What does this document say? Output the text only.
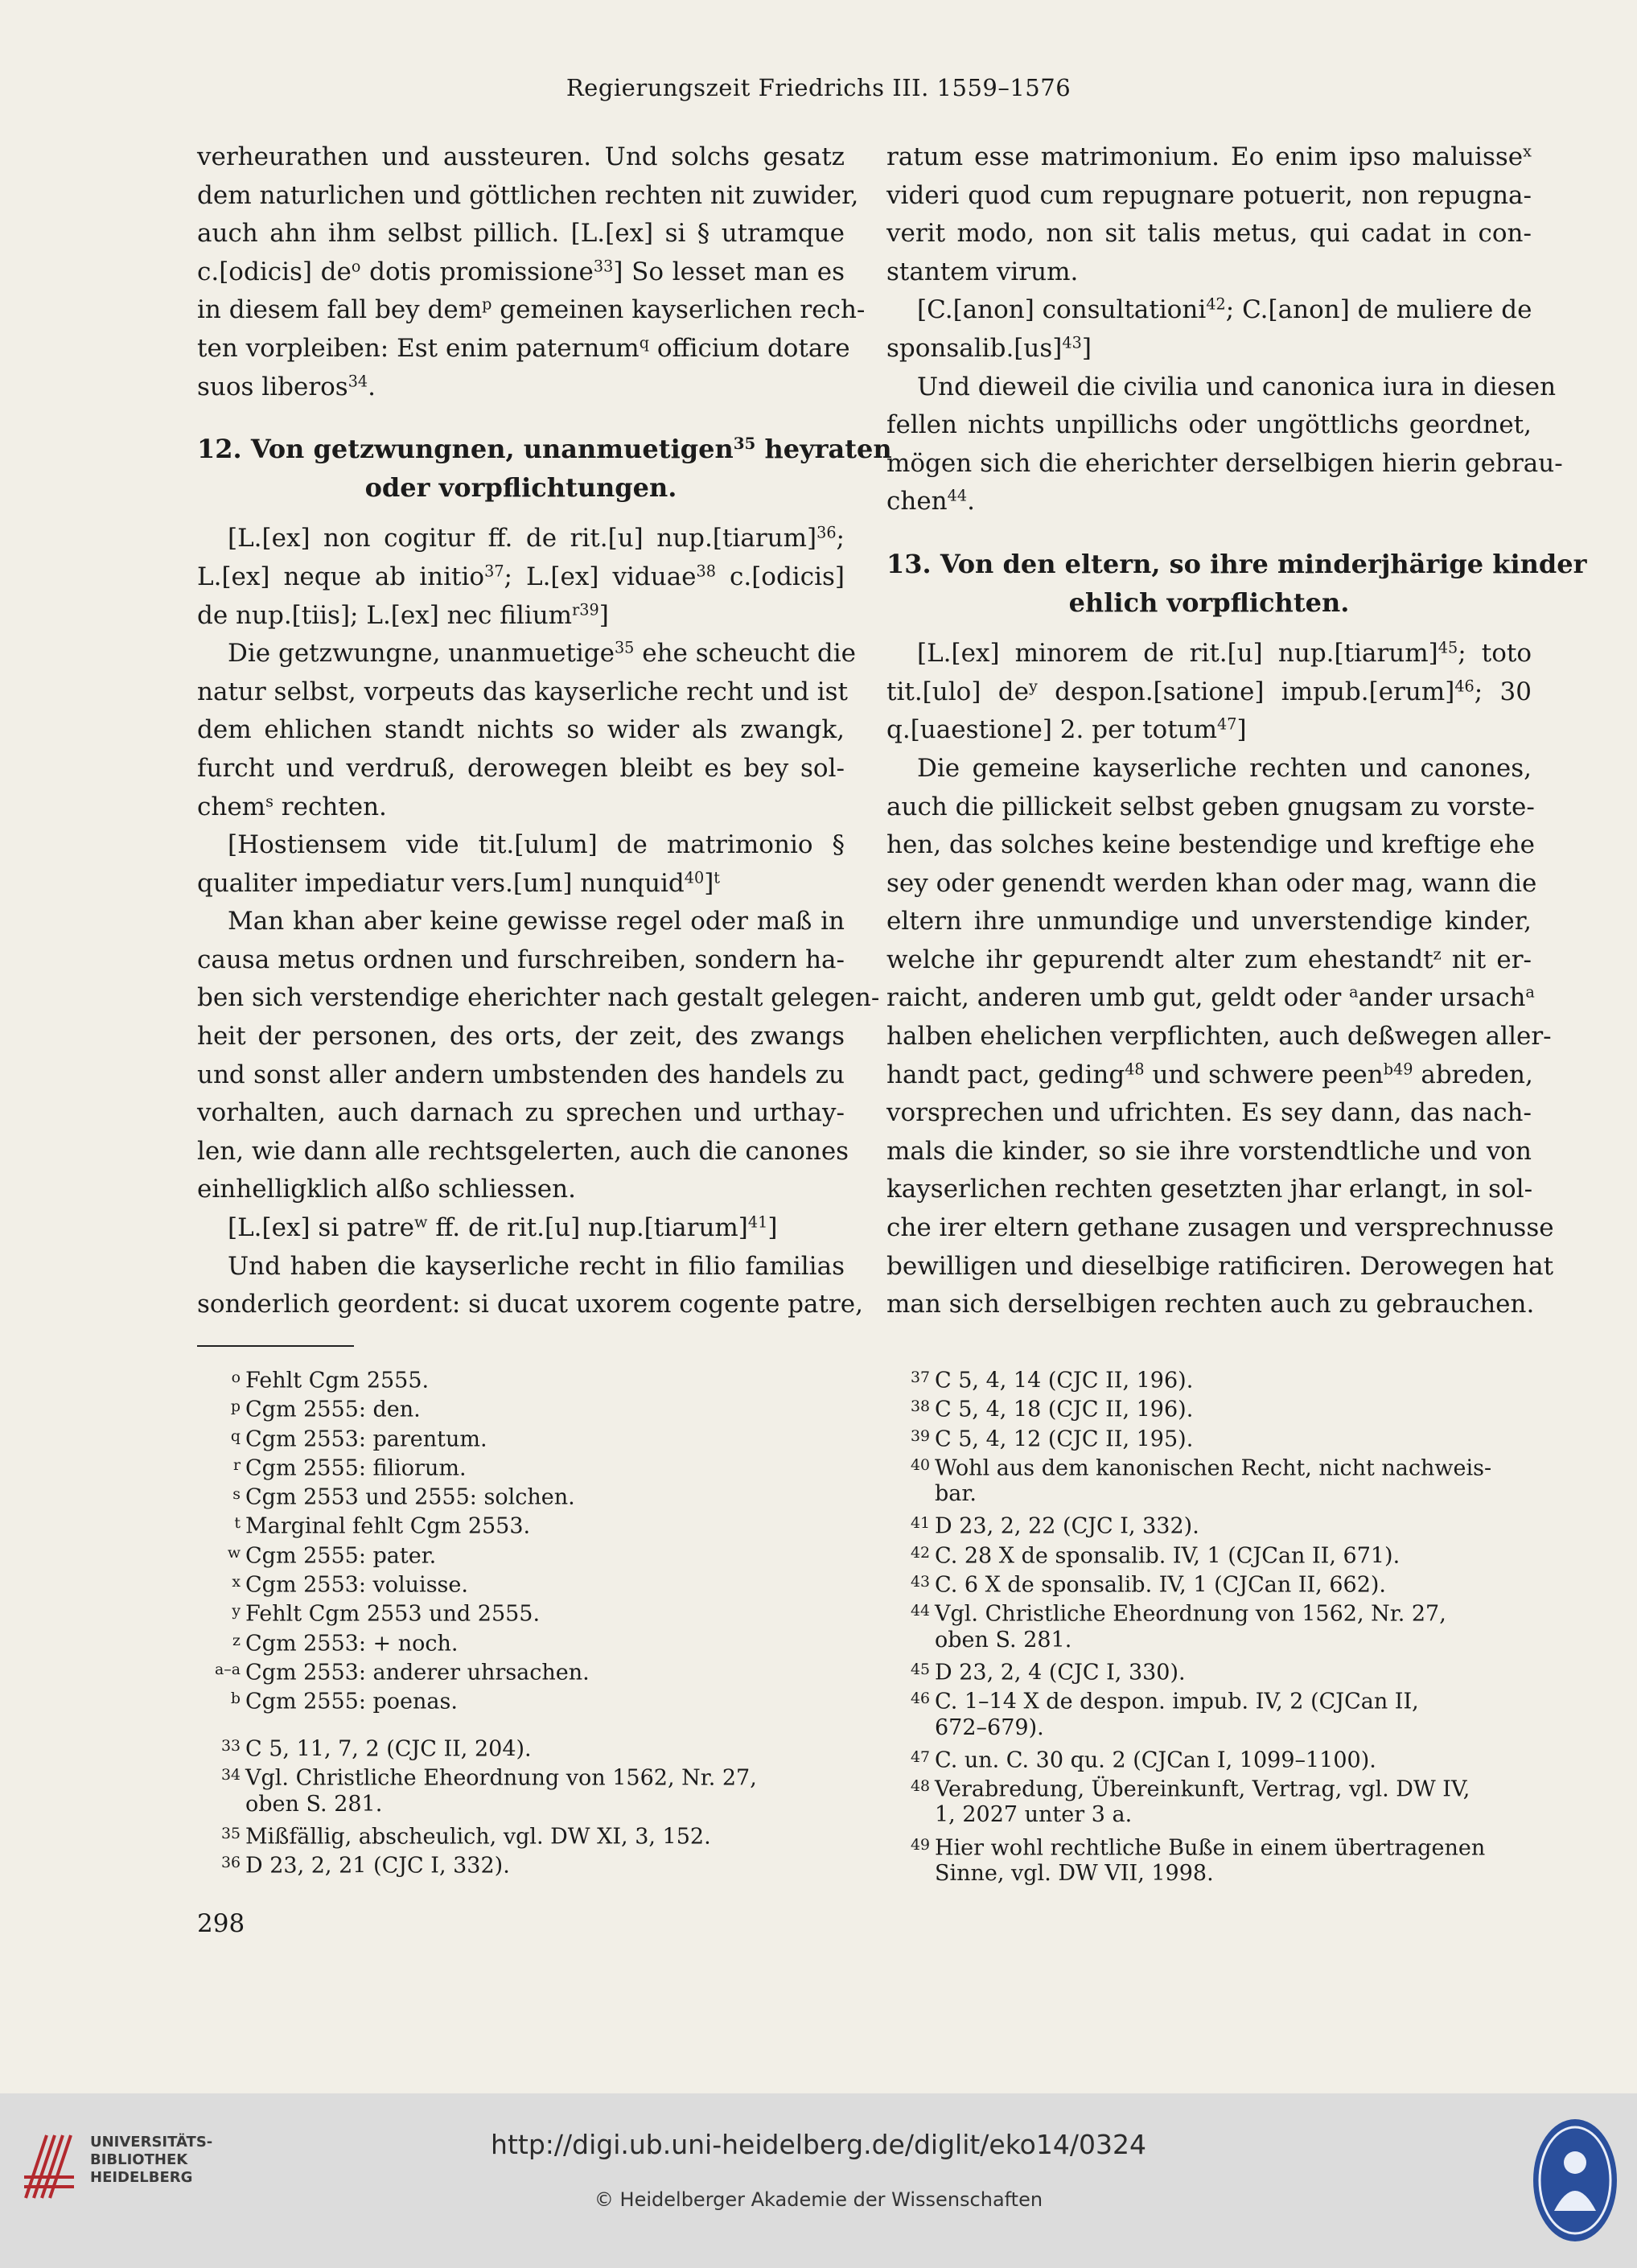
Regierungszeit Friedrichs III. 1559–1576
verheurathen und aussteuren. Und solchs gesatz
dem naturlichen und göttlichen rechten nit zuwider,
auch ahn ihm selbst pillich. [L.[ex] si § utramque
c.[odicis] $de^o$ dotis promissione$^{33}$] So lesset man es
in diesem fall bey dem$^p$ gemeinen kayserlichen rech-
ten vorpleiben: Est enim paternum$^q$ officium dotare
suos liberos$^{34}$.
12. Von getzwungnen, unanmuetigen$^{35}$ heyraten
oder vorpflichtungen.
[L.[ex] non cogitur ff. de rit.[u] nup.[tiarum]$^{36}$;
L.[ex] neque ab initio$^{37}$; L.[ex] viduae$^{38}$ c.[odicis]
de nup.[tiis]; L.[ex] nec filium$^{r39}$]
Die getzwungne, unanmuetige$^{35}$ ehe scheucht die
natur selbst, vorpeuts das kayserliche recht und ist
dem ehlichen standt nichts so wider als zwangk,
furcht und verdruß, derowegen bleibt es bey sol-
chem$^s$ rechten.
[Hostiensem vide tit.[ulum] de matrimonio §
qualiter impediatur vers.[um] nunquid$^{40}$]$^t$
Man khan aber keine gewisse regel oder maß in
causa metus ordnen und furschreiben, sondern ha-
ben sich verstendige eherichter nach gestalt gelegen-
heit der personen, des orts, der zeit, des zwangs
und sonst aller andern umbstenden des handels zu
vorhalten, auch darnach zu sprechen und urthay-
len, wie dann alle rechtsgelerten, auch die canones
einhelligklich alßo schliessen.
[L.[ex] si patre$^w$ ff. de rit.[u] nup.[tiarum]$^{41}$]
Und haben die kayserliche recht in filio familias
sonderlich geordent: si ducat uxorem cogente patre,
ratum esse matrimonium. Eo enim ipso maluisse$^x$
videri quod cum repugnare potuerit, non repugna-
verit modo, non sit talis metus, qui cadat in con-
stantem virum.
[C.[anon] consultationi$^{42}$; C.[anon] de muliere de
sponsalib.[us]$^{43}$]
Und dieweil die civilia und canonica iura in diesen
fellen nichts unpillichs oder ungöttlichs geordnet,
mögen sich die eherichter derselbigen hierin gebrau-
chen$^{44}$.
13. Von den eltern, so ihre minderjhärige kinder
ehlich vorpflichten.
[L.[ex] minorem de rit.[u] nup.[tiarum]$^{45}$; toto
tit.[ulo] $de^y$ despon.[satione] impub.[erum]$^{46}$; 30
q.[uaestione] 2. per totum$^{47}$]
Die gemeine kayserliche rechten und canones,
auch die pillickeit selbst geben gnugsam zu vorste-
hen, das solches keine bestendige und kreftige ehe
sey oder genendt werden khan oder mag, wann die
eltern ihre unmundige und unverstendige kinder,
welche ihr gepurendt alter zum ehestandt$^z$ nit er-
raicht, anderen umb gut, geldt oder $^a$ander ursach$^a$
halben ehelichen verpflichten, auch deßwegen aller-
handt pact, geding$^{48}$ und schwere peen$^{b49}$ abreden,
vorsprechen und ufrichten. Es sey dann, das nach-
mals die kinder, so sie ihre vorstendtliche und von
kayserlichen rechten gesetzten jhar erlangt, in sol-
che irer eltern gethane zusagen und versprechnusse
bewilligen und dieselbige ratificiren. Derowegen hat
man sich derselbigen rechten auch zu gebrauchen.
o Fehlt Cgm 2555.
p Cgm 2555: den.
q Cgm 2553: parentum.
r Cgm 2555: filiorum.
s Cgm 2553 und 2555: solchen.
t Marginal fehlt Cgm 2553.
w Cgm 2555: pater.
x Cgm 2553: voluisse.
y Fehlt Cgm 2553 und 2555.
z Cgm 2553: + noch.
a–a Cgm 2553: anderer uhrsachen.
b Cgm 2555: poenas.
33 C 5, 11, 7, 2 (CJC II, 204).
34 Vgl. Christliche Eheordnung von 1562, Nr. 27,
oben S. 281.
35 Mißfällig, abscheulich, vgl. DW XI, 3, 152.
36 D 23, 2, 21 (CJC I, 332).
37 C 5, 4, 14 (CJC II, 196).
38 C 5, 4, 18 (CJC II, 196).
39 C 5, 4, 12 (CJC II, 195).
40 Wohl aus dem kanonischen Recht, nicht nachweis-
bar.
41 D 23, 2, 22 (CJC I, 332).
42 C. 28 X de sponsalib. IV, 1 (CJCan II, 671).
43 C. 6 X de sponsalib. IV, 1 (CJCan II, 662).
44 Vgl. Christliche Eheordnung von 1562, Nr. 27,
oben S. 281.
45 D 23, 2, 4 (CJC I, 330).
46 C. 1–14 X de despon. impub. IV, 2 (CJCan II,
672–679).
47 C. un. C. 30 qu. 2 (CJCan I, 1099–1100).
48 Verabredung, Übereinkunft, Vertrag, vgl. DW IV,
1, 2027 unter 3 a.
49 Hier wohl rechtliche Buße in einem übertragenen
Sinne, vgl. DW VII, 1998.
298
UNIVERSITÄTS-
BIBLIOTHEK
HEIDELBERG
http://digi.ub.uni-heidelberg.de/diglit/eko14/0324
© Heidelberger Akademie der Wissenschaften
